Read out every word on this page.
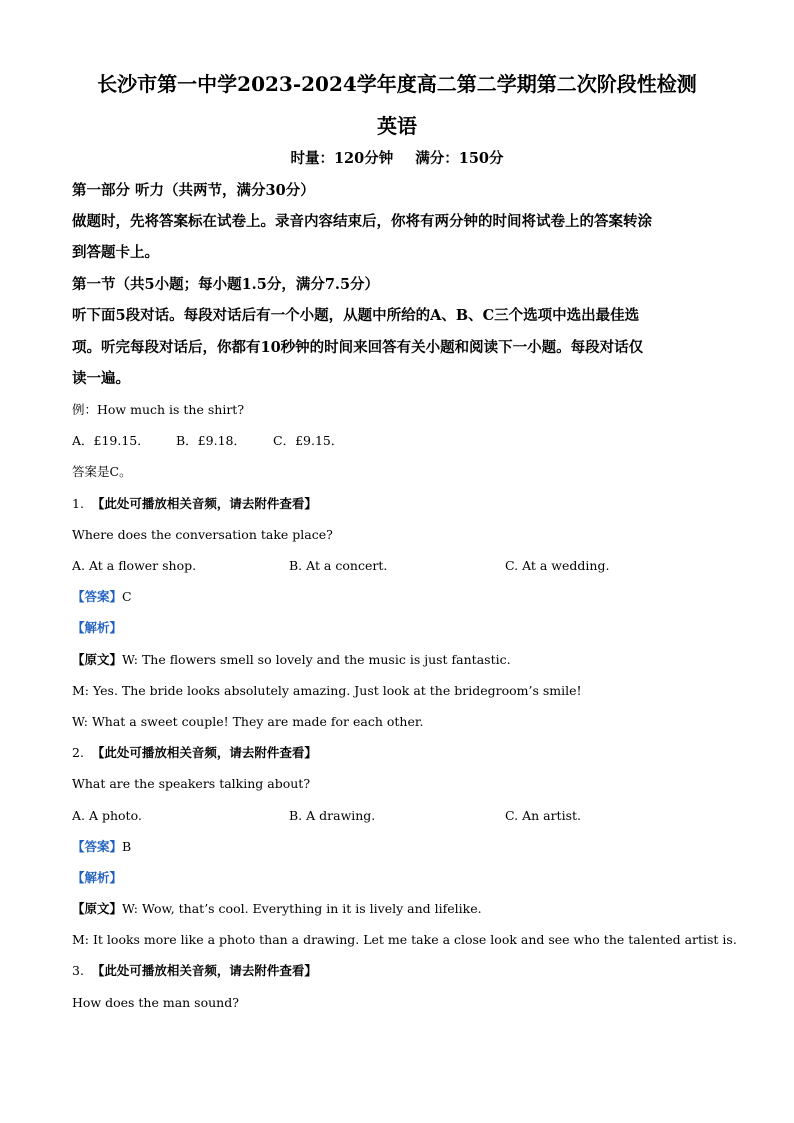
长沙市第一中学2023-2024学年度高二第二学期第二次阶段性检测
英语
时量：120分钟 满分：150分
第一部分 听力（共两节，满分30分）
做题时，先将答案标在试卷上。录音内容结束后，你将有两分钟的时间将试卷上的答案转涂
到答题卡上。
第一节（共5小题；每小题1.5分，满分7.5分）
听下面5段对话。每段对话后有一个小题，从题中所给的A、B、C三个选项中选出最佳选
项。听完每段对话后，你都有10秒钟的时间来回答有关小题和阅读下一小题。每段对话仅
读一遍。
例：How much is the shirt?
A．£19.15． B．£9.18． C．£9.15．
答案是C。
1. 【此处可播放相关音频，请去附件查看】
Where does the conversation take place?
A. At a flower shop.	B. At a concert.	C. At a wedding.
【答案】C
【解析】
【原文】W: The flowers smell so lovely and the music is just fantastic.
M: Yes. The bride looks absolutely amazing. Just look at the bridegroom’s smile!
W: What a sweet couple! They are made for each other.
2. 【此处可播放相关音频，请去附件查看】
What are the speakers talking about?
A. A photo.	B. A drawing.	C. An artist.
【答案】B
【解析】
【原文】W: Wow, that’s cool. Everything in it is lively and lifelike.
M: It looks more like a photo than a drawing. Let me take a close look and see who the talented artist is.
3. 【此处可播放相关音频，请去附件查看】
How does the man sound?
